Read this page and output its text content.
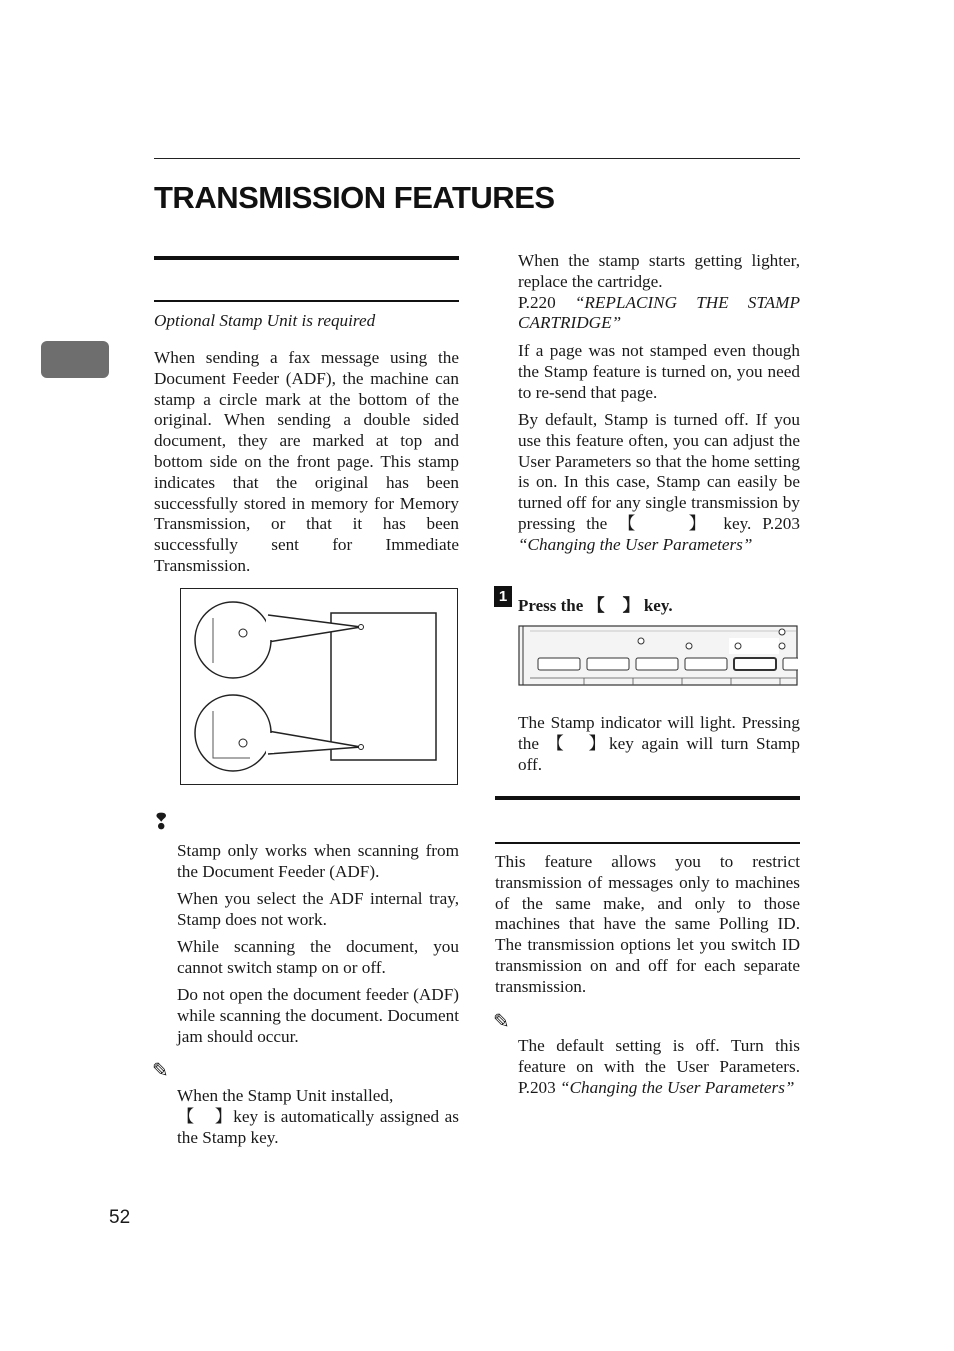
TRANSMISSION FEATURES
Optional Stamp Unit is required

When sending a fax message using the Document Feeder (ADF), the machine can stamp a circle mark at the bottom of the original. When sending a double sided document, they are marked at top and bottom side on the front page. This stamp indicates that the original has been successfully stored in memory for Memory Transmission, or that it has been successfully sent for Immediate Transmission.

❢

Stamp only works when scanning from the Document Feeder (ADF).

When you select the ADF internal tray, Stamp does not work.

While scanning the document, you cannot switch stamp on or off.

Do not open the document feeder (ADF) while scanning the document. Document jam should occur.

✎

When the Stamp Unit installed,
【 】key is automatically assigned as the Stamp key.

When the stamp starts getting lighter, replace the cartridge.
P.220 “REPLACING THE STAMP CARTRIDGE”

If a page was not stamped even though the Stamp feature is turned on, you need to re-send that page.

By default, Stamp is turned off. If you use this feature often, you can adjust the User Parameters so that the home setting is on. In this case, Stamp can easily be turned off for any single transmission by pressing the 【 】 key. P.203 “Changing the User Parameters”

1 Press the 【 】 key.

The Stamp indicator will light. Pressing the 【 】key again will turn Stamp off.

This feature allows you to restrict transmission of messages only to machines of the same make, and only to those machines that have the same Polling ID. The transmission options let you switch ID transmission on and off for each separate transmission.

✎

The default setting is off. Turn this feature on with the User Parameters. P.203 “Changing the User Parameters”

52
